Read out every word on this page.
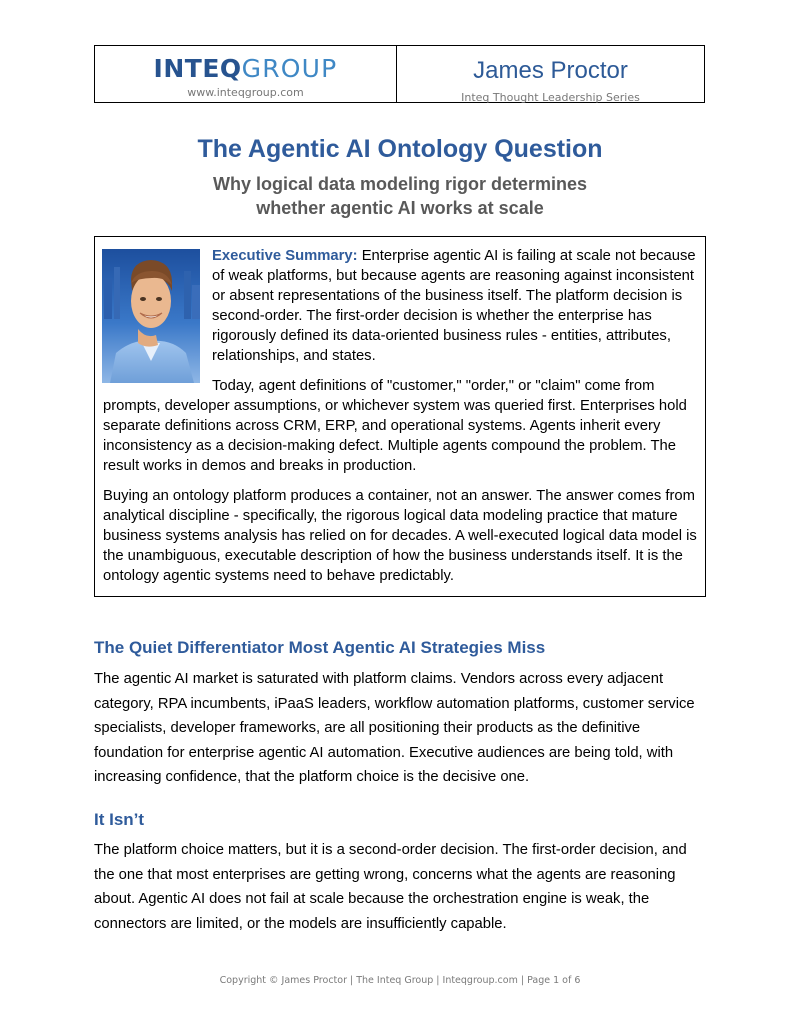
INTEQGROUP
www.inteqgroup.com
James Proctor
Inteq Thought Leadership Series
The Agentic AI Ontology Question
Why logical data modeling rigor determines
whether agentic AI works at scale

Executive Summary: Enterprise agentic AI is failing at scale not because of weak platforms, but because agents are reasoning against inconsistent or absent representations of the business itself. The platform decision is second-order. The first-order decision is whether the enterprise has rigorously defined its data-oriented business rules - entities, attributes, relationships, and states.

Today, agent definitions of "customer," "order," or "claim" come from prompts, developer assumptions, or whichever system was queried first. Enterprises hold separate definitions across CRM, ERP, and operational systems. Agents inherit every inconsistency as a decision-making defect. Multiple agents compound the problem. The result works in demos and breaks in production.

Buying an ontology platform produces a container, not an answer. The answer comes from analytical discipline - specifically, the rigorous logical data modeling practice that mature business systems analysis has relied on for decades. A well-executed logical data model is the unambiguous, executable description of how the business understands itself. It is the ontology agentic systems need to behave predictably.

The Quiet Differentiator Most Agentic AI Strategies Miss

The agentic AI market is saturated with platform claims. Vendors across every adjacent category, RPA incumbents, iPaaS leaders, workflow automation platforms, customer service specialists, developer frameworks, are all positioning their products as the definitive foundation for enterprise agentic AI automation. Executive audiences are being told, with increasing confidence, that the platform choice is the decisive one.

It Isn’t

The platform choice matters, but it is a second-order decision. The first-order decision, and the one that most enterprises are getting wrong, concerns what the agents are reasoning about. Agentic AI does not fail at scale because the orchestration engine is weak, the connectors are limited, or the models are insufficiently capable.

Copyright © James Proctor | The Inteq Group | Inteqgroup.com | Page 1 of 6
